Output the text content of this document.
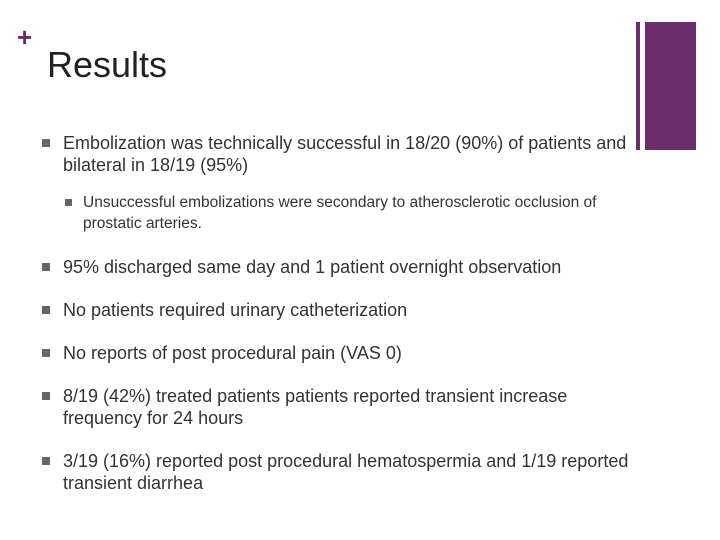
+
Results
Embolization was technically successful in 18/20 (90%) of patients and bilateral in 18/19 (95%)
Unsuccessful embolizations were secondary to atherosclerotic occlusion of prostatic arteries.
95% discharged same day and 1 patient overnight observation
No patients required urinary catheterization
No reports of post procedural pain (VAS 0)
8/19 (42%) treated patients patients reported transient increase frequency for 24 hours
3/19 (16%) reported post procedural hematospermia and 1/19 reported transient diarrhea
